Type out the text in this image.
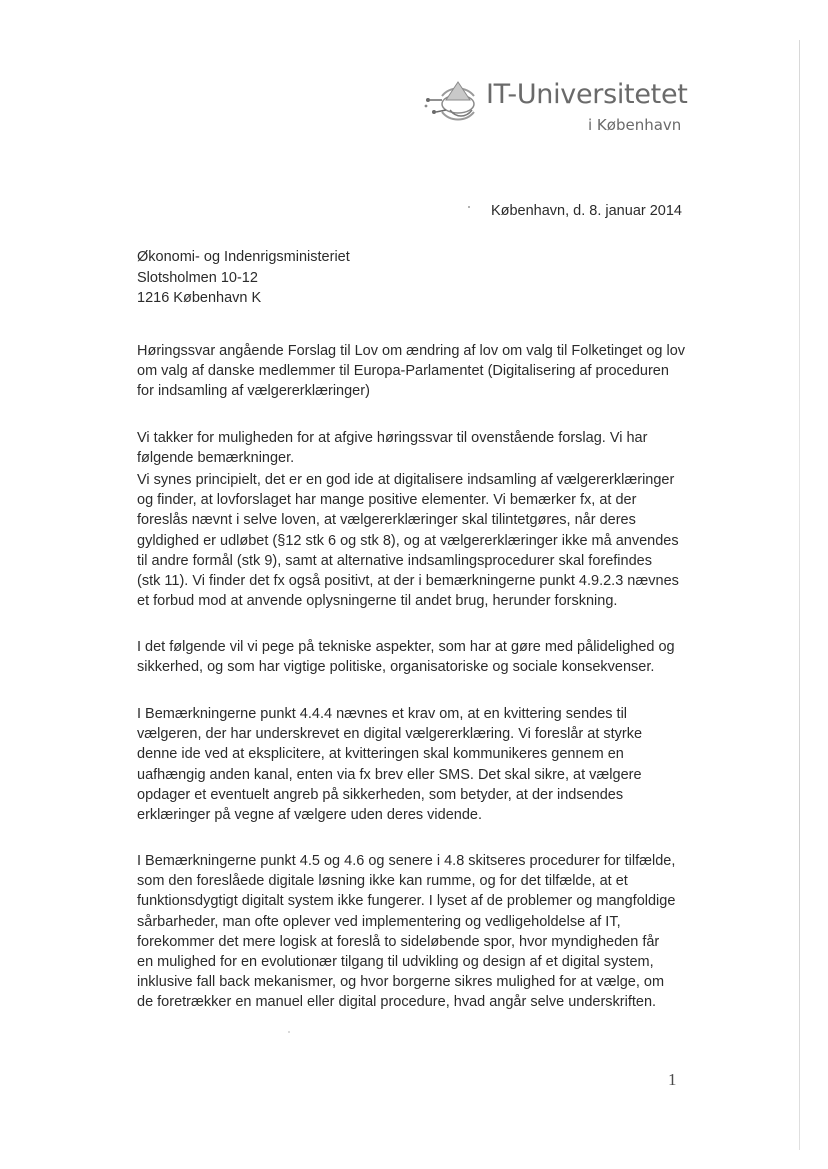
IT-Universitetet
i København
København, d. 8. januar 2014
Økonomi- og Indenrigsministeriet
Slotsholmen 10-12
1216 København K

Høringssvar angående Forslag til Lov om ændring af lov om valg til Folketinget og lov
om valg af danske medlemmer til Europa-Parlamentet (Digitalisering af proceduren
for indsamling af vælgererklæringer)

Vi takker for muligheden for at afgive høringssvar til ovenstående forslag. Vi har
følgende bemærkninger.

Vi synes principielt, det er en god ide at digitalisere indsamling af vælgererklæringer
og finder, at lovforslaget har mange positive elementer. Vi bemærker fx, at der
foreslås nævnt i selve loven, at vælgererklæringer skal tilintetgøres, når deres
gyldighed er udløbet (§12 stk 6 og stk 8), og at vælgererklæringer ikke må anvendes
til andre formål (stk 9), samt at alternative indsamlingsprocedurer skal forefindes
(stk 11). Vi finder det fx også positivt, at der i bemærkningerne punkt 4.9.2.3 nævnes
et forbud mod at anvende oplysningerne til andet brug, herunder forskning.

I det følgende vil vi pege på tekniske aspekter, som har at gøre med pålidelighed og
sikkerhed, og som har vigtige politiske, organisatoriske og sociale konsekvenser.

I Bemærkningerne punkt 4.4.4 nævnes et krav om, at en kvittering sendes til
vælgeren, der har underskrevet en digital vælgererklæring. Vi foreslår at styrke
denne ide ved at eksplicitere, at kvitteringen skal kommunikeres gennem en
uafhængig anden kanal, enten via fx brev eller SMS. Det skal sikre, at vælgere
opdager et eventuelt angreb på sikkerheden, som betyder, at der indsendes
erklæringer på vegne af vælgere uden deres vidende.

I Bemærkningerne punkt 4.5 og 4.6 og senere i 4.8 skitseres procedurer for tilfælde,
som den foreslåede digitale løsning ikke kan rumme, og for det tilfælde, at et
funktionsdygtigt digitalt system ikke fungerer. I lyset af de problemer og mangfoldige
sårbarheder, man ofte oplever ved implementering og vedligeholdelse af IT,
forekommer det mere logisk at foreslå to sideløbende spor, hvor myndigheden får
en mulighed for en evolutionær tilgang til udvikling og design af et digital system,
inklusive fall back mekanismer, og hvor borgerne sikres mulighed for at vælge, om
de foretrækker en manuel eller digital procedure, hvad angår selve underskriften.

1
